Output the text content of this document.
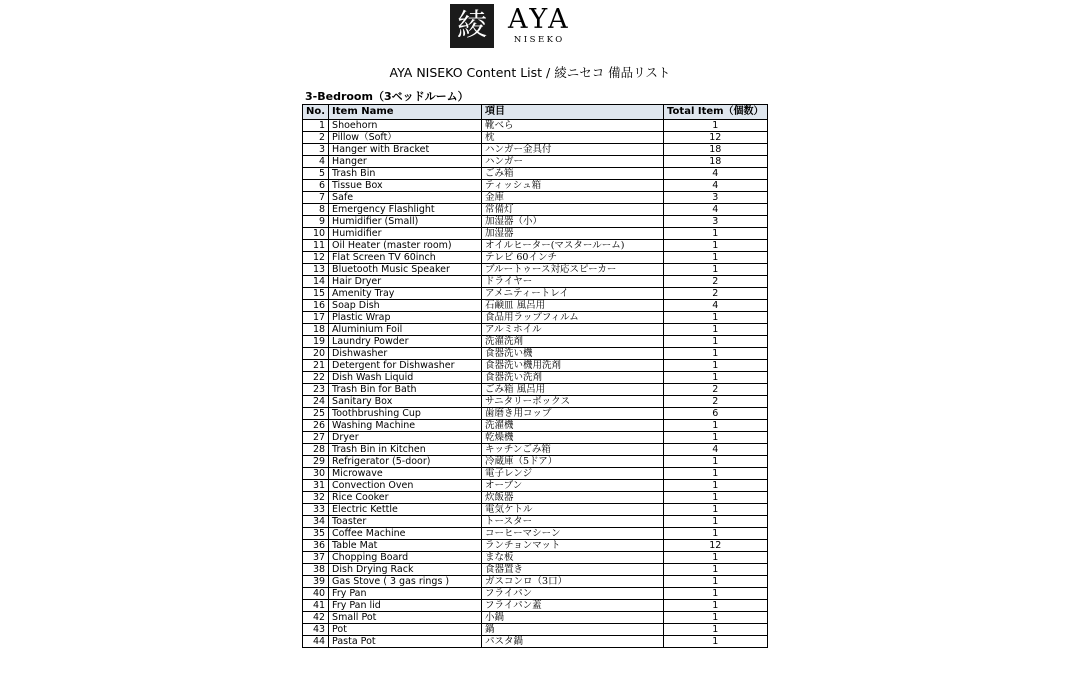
綾 AYA
NISEKO
AYA NISEKO Content List / 綾ニセコ 備品リスト
3-Bedroom（3ベッドルーム）
No.	Item Name	項目	Total Item（個数）
1	Shoehorn	靴べら	1
2	Pillow（Soft）	枕	12
3	Hanger with Bracket	ハンガー金具付	18
4	Hanger	ハンガー	18
5	Trash Bin	ごみ箱	4
6	Tissue Box	ティッシュ箱	4
7	Safe	金庫	3
8	Emergency Flashlight	常備灯	4
9	Humidifier (Small)	加湿器（小）	3
10	Humidifier	加湿器	1
11	Oil Heater (master room)	オイルヒーター(マスタールーム)	1
12	Flat Screen TV 60inch	テレビ 60インチ	1
13	Bluetooth Music Speaker	ブルートゥース対応スピーカー	1
14	Hair Dryer	ドライヤー	2
15	Amenity Tray	アメニティートレイ	2
16	Soap Dish	石鹸皿 風呂用	4
17	Plastic Wrap	食品用ラップフィルム	1
18	Aluminium Foil	アルミホイル	1
19	Laundry Powder	洗濯洗剤	1
20	Dishwasher	食器洗い機	1
21	Detergent for Dishwasher	食器洗い機用洗剤	1
22	Dish Wash Liquid	食器洗い洗剤	1
23	Trash Bin for Bath	ごみ箱 風呂用	2
24	Sanitary Box	サニタリーボックス	2
25	Toothbrushing Cup	歯磨き用コップ	6
26	Washing Machine	洗濯機	1
27	Dryer	乾燥機	1
28	Trash Bin in Kitchen	キッチンごみ箱	4
29	Refrigerator (5-door)	冷蔵庫（5ドア）	1
30	Microwave	電子レンジ	1
31	Convection Oven	オーブン	1
32	Rice Cooker	炊飯器	1
33	Electric Kettle	電気ケトル	1
34	Toaster	トースター	1
35	Coffee Machine	コーヒーマシーン	1
36	Table Mat	ランチョンマット	12
37	Chopping Board	まな板	1
38	Dish Drying Rack	食器置き	1
39	Gas Stove ( 3 gas rings )	ガスコンロ（3口）	1
40	Fry Pan	フライパン	1
41	Fry Pan lid	フライパン蓋	1
42	Small Pot	小鍋	1
43	Pot	鍋	1
44	Pasta Pot	パスタ鍋	1
